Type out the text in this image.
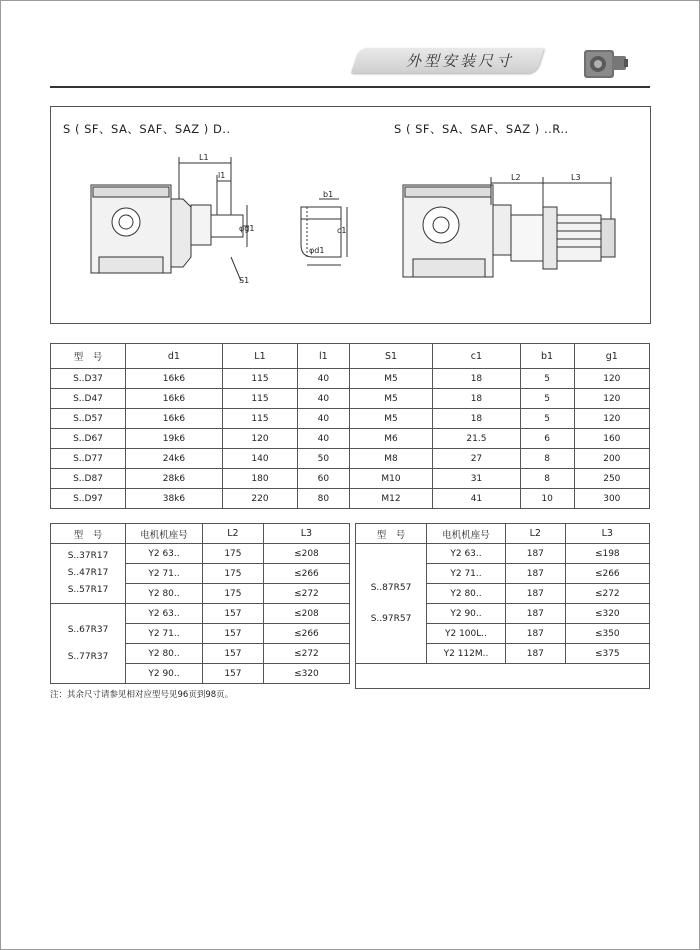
外型安装尺寸
S ( SF、SA、SAF、SAZ ) D..	S ( SF、SA、SAF、SAZ ) ..R..
L1
l1
φg1
S1
b1
c1
φd1
L2	L3
型　号	d1	L1	l1	S1	c1	b1	g1
S..D37	16k6	115	40	M5	18	5	120
S..D47	16k6	115	40	M5	18	5	120
S..D57	16k6	115	40	M5	18	5	120
S..D67	19k6	120	40	M6	21.5	6	160
S..D77	24k6	140	50	M8	27	8	200
S..D87	28k6	180	60	M10	31	8	250
S..D97	38k6	220	80	M12	41	10	300
型　号	电机机座号	L2	L3

S..37R17
S..47R17
S..57R17	Y2 63..	175	≤208
	Y2 71..	175	≤266
	Y2 80..	175	≤272

S..67R37
S..77R37	Y2 63..	157	≤208
	Y2 71..	157	≤266
	Y2 80..	157	≤272
	Y2 90..	157	≤320
型　号	电机机座号	L2	L3

S..87R57
S..97R57	Y2 63..	187	≤198
	Y2 71..	187	≤266
	Y2 80..	187	≤272
	Y2 90..	187	≤320
	Y2 100L..	187	≤350
	Y2 112M..	187	≤375

注：其余尺寸请参见相对应型号见96页到98页。
